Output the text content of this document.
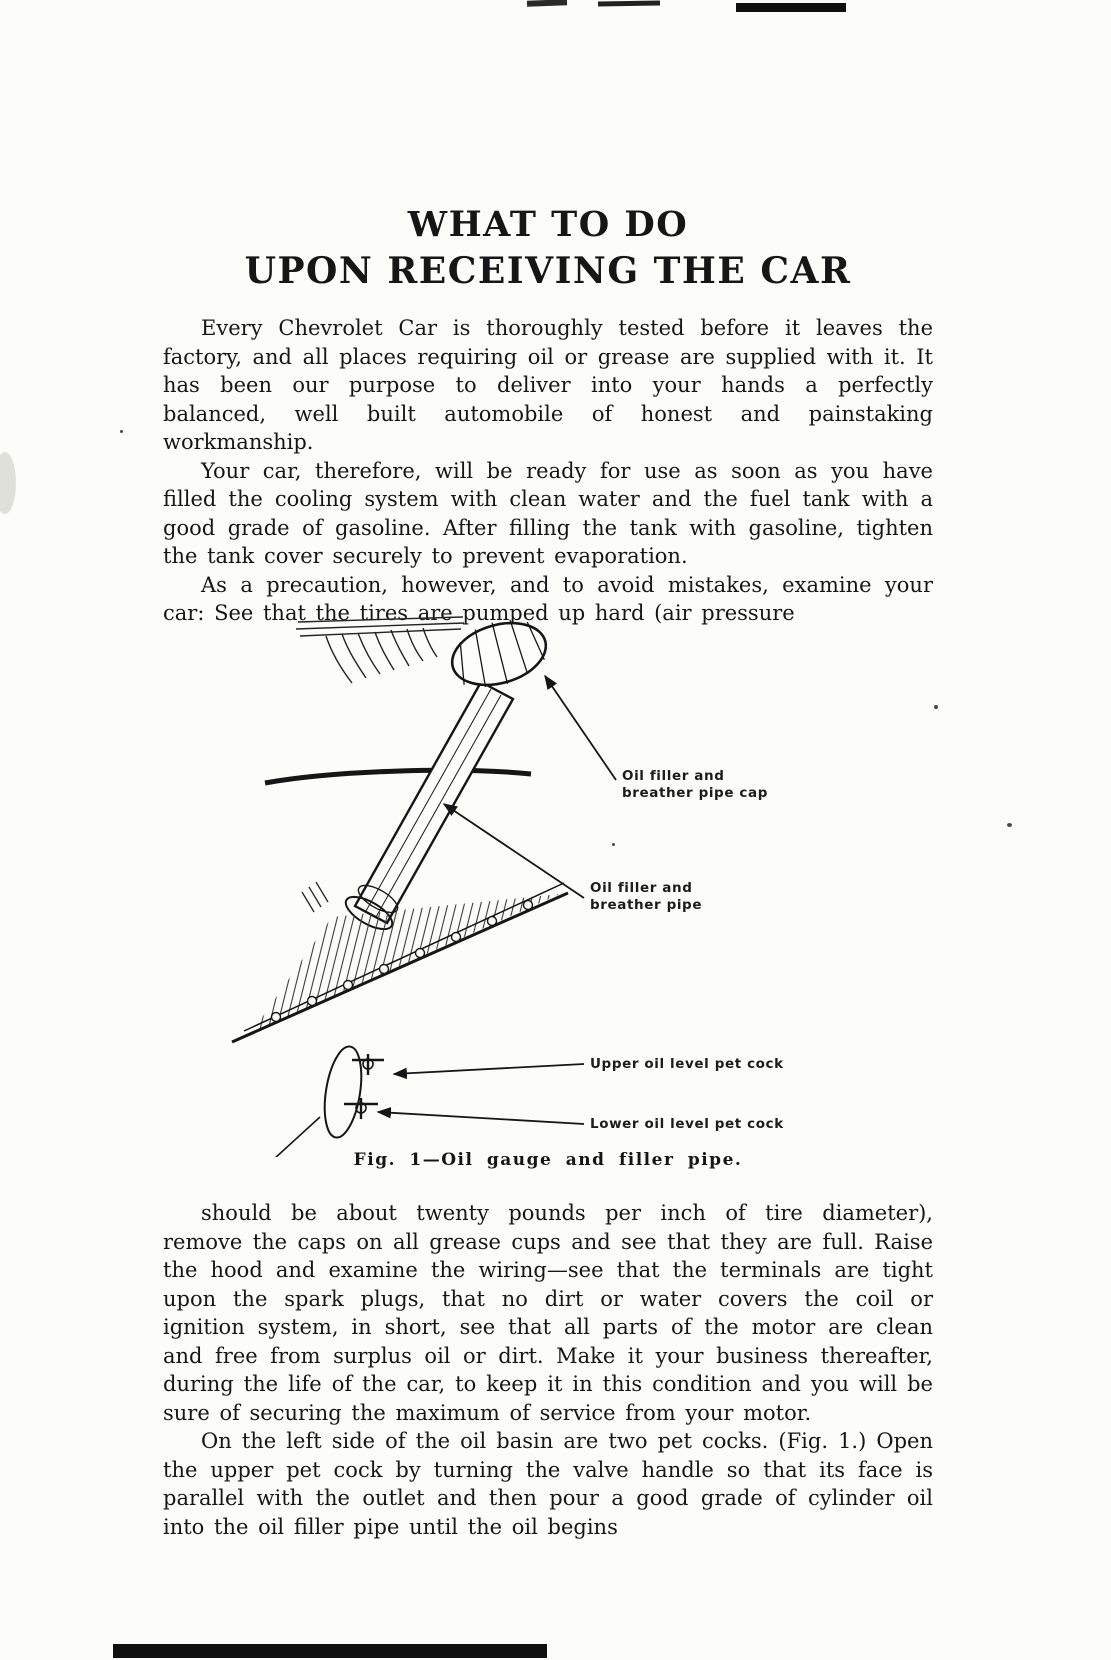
WHAT TO DO
UPON RECEIVING THE CAR

Every Chevrolet Car is thoroughly tested before it leaves the factory, and all places requiring oil or grease are supplied with it. It has been our purpose to deliver into your hands a perfectly balanced, well built automobile of honest and painstaking workmanship.

Your car, therefore, will be ready for use as soon as you have filled the cooling system with clean water and the fuel tank with a good grade of gasoline. After filling the tank with gasoline, tighten the tank cover securely to prevent evaporation.

As a precaution, however, and to avoid mistakes, examine your car: See that the tires are pumped up hard (air pressure

Oil filler and
breather pipe cap
Oil filler and
breather pipe
Upper oil level pet cock
Lower oil level pet cock
Fig. 1—Oil gauge and filler pipe.

should be about twenty pounds per inch of tire diameter), remove the caps on all grease cups and see that they are full. Raise the hood and examine the wiring—see that the terminals are tight upon the spark plugs, that no dirt or water covers the coil or ignition system, in short, see that all parts of the motor are clean and free from surplus oil or dirt. Make it your business thereafter, during the life of the car, to keep it in this condition and you will be sure of securing the maximum of service from your motor.

On the left side of the oil basin are two pet cocks. (Fig. 1.) Open the upper pet cock by turning the valve handle so that its face is parallel with the outlet and then pour a good grade of cylinder oil into the oil filler pipe until the oil begins
